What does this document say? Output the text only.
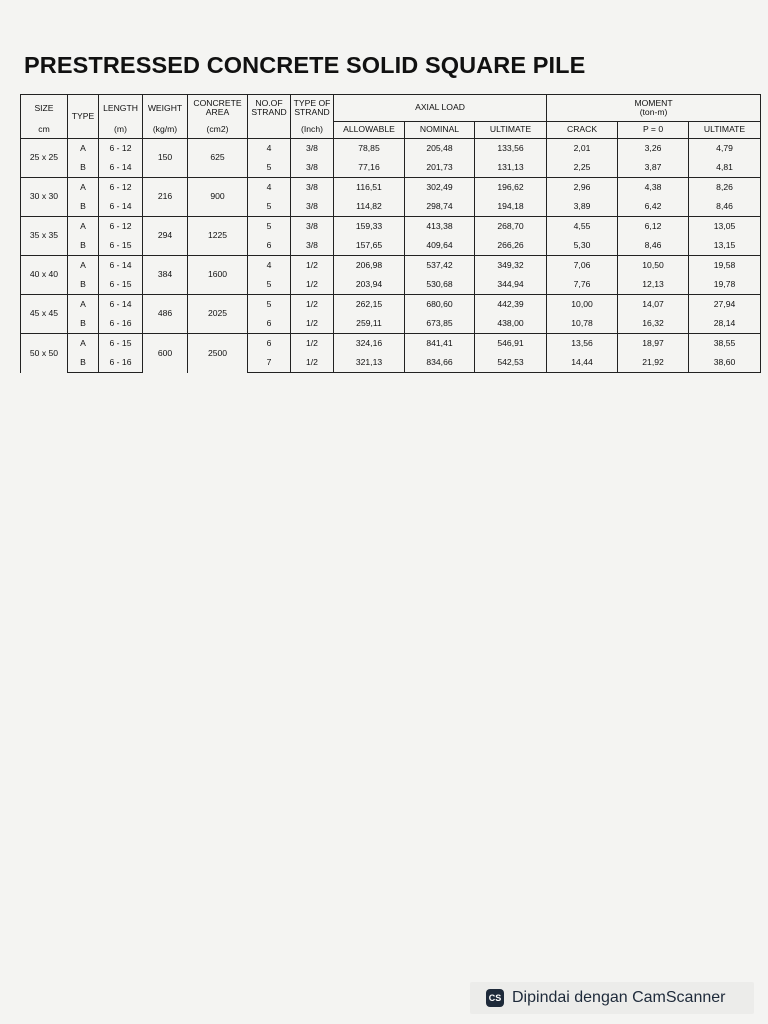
PRESTRESSED CONCRETE SOLID SQUARE PILE
SIZE	TYPE	LENGTH	WEIGHT	CONCRETE AREA	NO.OF STRAND	TYPE OF STRAND	AXIAL LOAD			MOMENT
(ton-m)		

cm		(m)	(kg/m)	(cm2)		(Inch)	ALLOWABLE	NOMINAL	ULTIMATE	CRACK	P = 0	ULTIMATE
25 x 25	A	6 - 12	150	625	4	3/8	78,85	205,48	133,56	2,01	3,26	4,79
	B	6 - 14			5	3/8	77,16	201,73	131,13	2,25	3,87	4,81
30 x 30	A	6 - 12	216	900	4	3/8	116,51	302,49	196,62	2,96	4,38	8,26
	B	6 - 14			5	3/8	114,82	298,74	194,18	3,89	6,42	8,46
35 x 35	A	6 - 12	294	1225	5	3/8	159,33	413,38	268,70	4,55	6,12	13,05
	B	6 - 15			6	3/8	157,65	409,64	266,26	5,30	8,46	13,15
40 x 40	A	6 - 14	384	1600	4	1/2	206,98	537,42	349,32	7,06	10,50	19,58
	B	6 - 15			5	1/2	203,94	530,68	344,94	7,76	12,13	19,78
45 x 45	A	6 - 14	486	2025	5	1/2	262,15	680,60	442,39	10,00	14,07	27,94
	B	6 - 16			6	1/2	259,11	673,85	438,00	10,78	16,32	28,14
50 x 50	A	6 - 15	600	2500	6	1/2	324,16	841,41	546,91	13,56	18,97	38,55
	B	6 - 16			7	1/2	321,13	834,66	542,53	14,44	21,92	38,60
CS Dipindai dengan CamScanner
